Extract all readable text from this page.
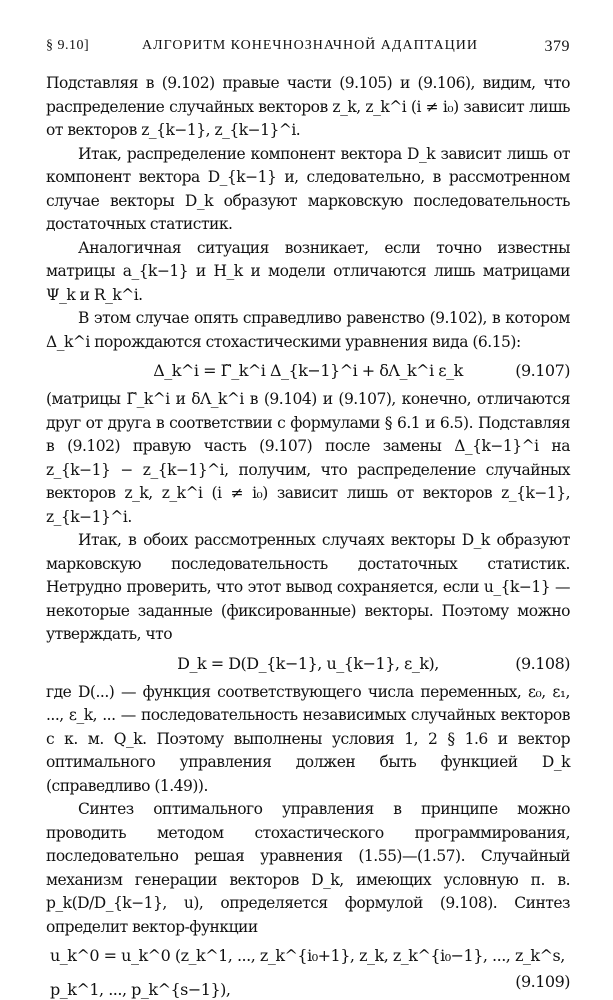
§ 9.10]	АЛГОРИТМ КОНЕЧНОЗНАЧНОЙ АДАПТАЦИИ	379

Подставляя в (9.102) правые части (9.105) и (9.106), видим, что распределение случайных векторов z_k, z_k^i (i ≠ i₀) зависит лишь от векторов z_{k−1}, z_{k−1}^i.

Итак, распределение компонент вектора D_k зависит лишь от компонент вектора D_{k−1} и, следовательно, в рассмотренном случае векторы D_k образуют марковскую последовательность достаточных статистик.

Аналогичная ситуация возникает, если точно известны матрицы a_{k−1} и H_k и модели отличаются лишь матрицами Ψ_k и R_k^i.

В этом случае опять справедливо равенство (9.102), в котором Δ_k^i порождаются стохастическими уравнения вида (6.15):

Δ_k^i = Γ̃_k^i Δ_{k−1}^i + δΛ_k^i ε_k	(9.107)

(матрицы Γ̃_k^i и δΛ_k^i в (9.104) и (9.107), конечно, отличаются друг от друга в соответствии с формулами § 6.1 и 6.5). Подставляя в (9.102) правую часть (9.107) после замены Δ_{k−1}^i на z_{k−1} − z_{k−1}^i, получим, что распределение случайных векторов z_k, z_k^i (i ≠ i₀) зависит лишь от векторов z_{k−1}, z_{k−1}^i.

Итак, в обоих рассмотренных случаях векторы D_k образуют марковскую последовательность достаточных статистик. Нетрудно проверить, что этот вывод сохраняется, если u_{k−1} — некоторые заданные (фиксированные) векторы. Поэтому можно утверждать, что

D_k = D(D_{k−1}, u_{k−1}, ε_k),	(9.108)

где D(...) — функция соответствующего числа переменных, ε₀, ε₁, ..., ε_k, ... — последовательность независимых случайных векторов с к. м. Q_k. Поэтому выполнены условия 1, 2 § 1.6 и вектор оптимального управления должен быть функцией D_k (справедливо (1.49)).

Синтез оптимального управления в принципе можно проводить методом стохастического программирования, последовательно решая уравнения (1.55)—(1.57). Случайный механизм генерации векторов D_k, имеющих условную п. в. p_k(D/D_{k−1}, u), определяется формулой (9.108). Синтез определит вектор-функции

u_k^0 = u_k^0 (z_k^1, ..., z_k^{i₀+1}, z_k, z_k^{i₀−1}, ..., z_k^s, p_k^1, ..., p_k^{s−1}),	(9.109)
